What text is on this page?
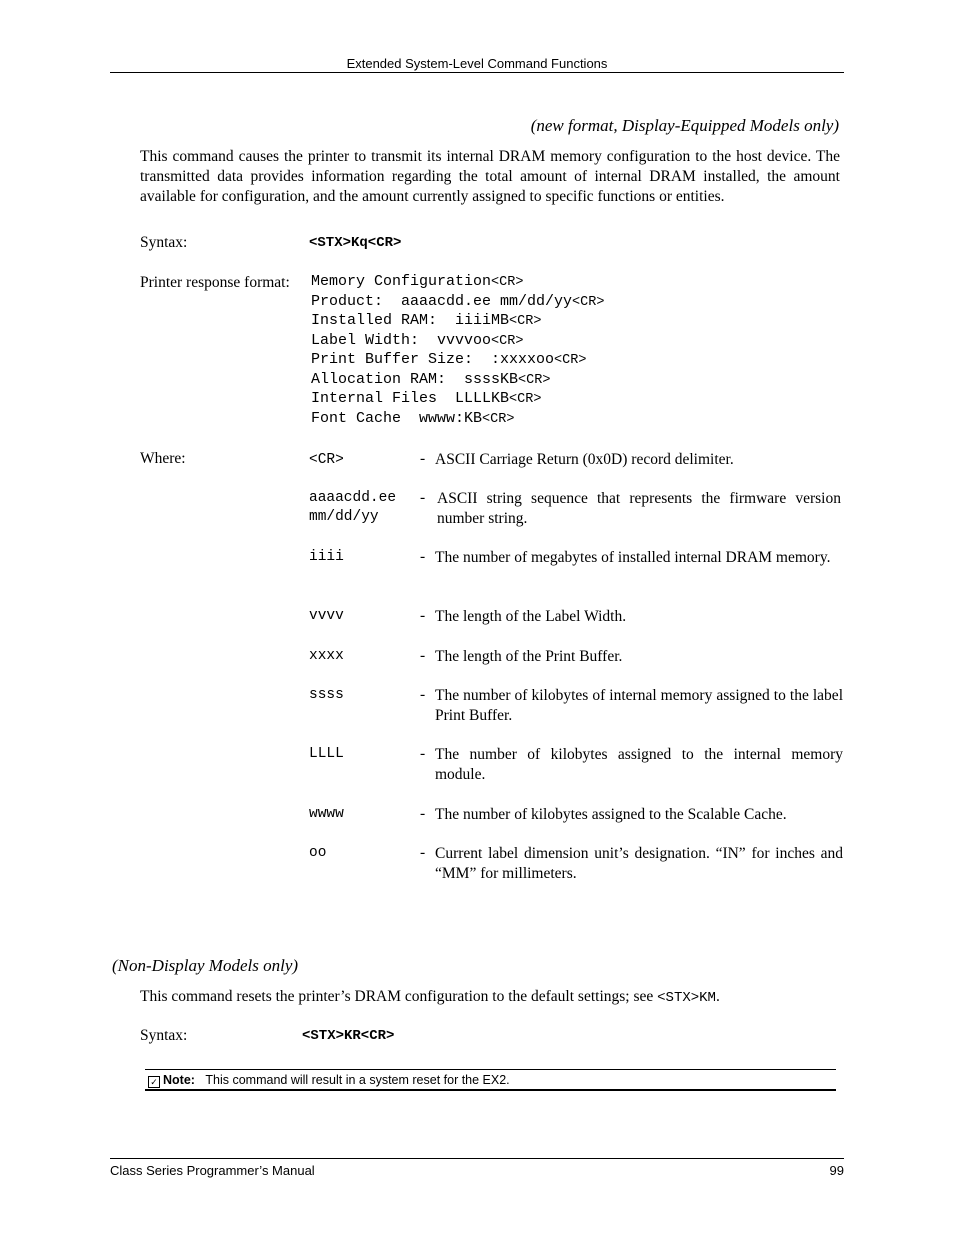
Extended System-Level Command Functions
(new format, Display-Equipped Models only)
This command causes the printer to transmit its internal DRAM memory configuration to the host device. The transmitted data provides information regarding the total amount of internal DRAM installed, the amount available for configuration, and the amount currently assigned to specific functions or entities.
Syntax:	<STX>Kq<CR>
Printer response format: Memory Configuration<CR>
Product:  aaaacdd.ee mm/dd/yy<CR>
Installed RAM:  iiiiMB<CR>
Label Width:  vvvvoo<CR>
Print Buffer Size:  :xxxxoo<CR>
Allocation RAM:  ssssKB<CR>
Internal Files  LLLLKB<CR>
Font Cache  wwww:KB<CR>
Where:	<CR>	- ASCII Carriage Return (0x0D) record delimiter.
aaaacdd.ee mm/dd/yy
- ASCII string sequence that represents the firmware version number string.
iiii	- The number of megabytes of installed internal DRAM memory.
vvvv	- The length of the Label Width.
xxxx	- The length of the Print Buffer.
ssss	- The number of kilobytes of internal memory assigned to the label Print Buffer.
LLLL	- The number of kilobytes assigned to the internal memory module.
wwww	- The number of kilobytes assigned to the Scalable Cache.
oo	- Current label dimension unit’s designation. “IN” for inches and “MM” for millimeters.
(Non-Display Models only)
This command resets the printer’s DRAM configuration to the default settings; see <STX>KM.
Syntax:	<STX>KR<CR>
✓ Note: This command will result in a system reset for the EX2.
Class Series Programmer’s Manual	99
